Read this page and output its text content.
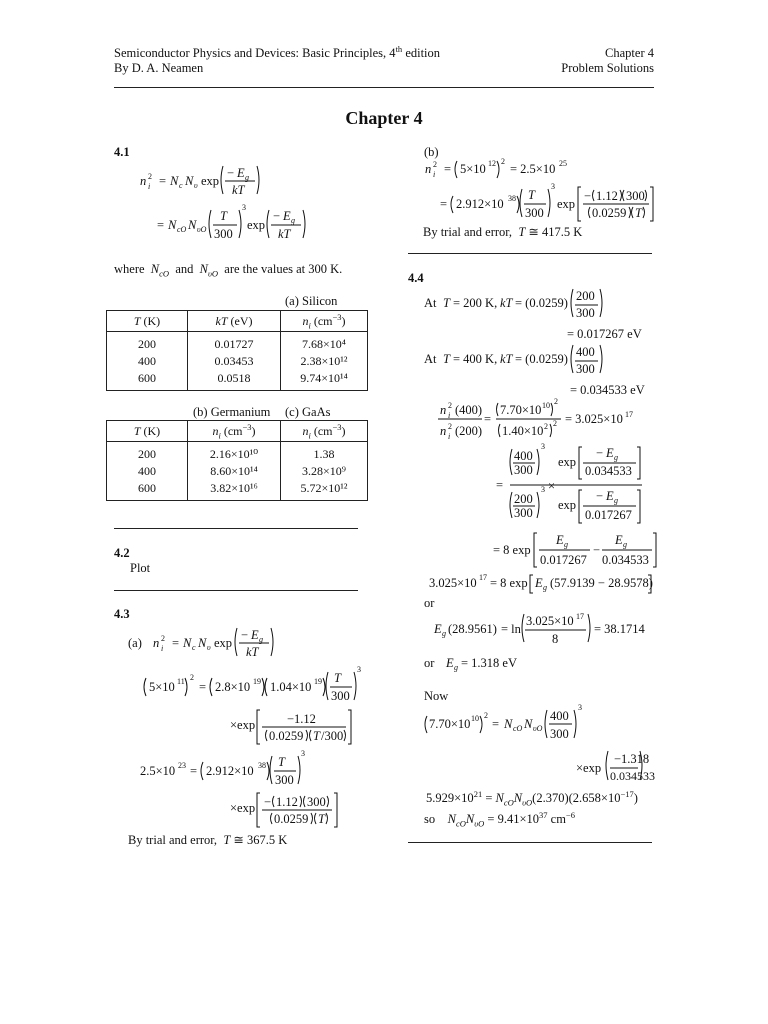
Semiconductor Physics and Devices: Basic Principles, 4th edition
By D. A. Neamen
Chapter 4
Problem Solutions
Chapter 4
4.1
n i
2 = N c N υ exp
− E g
kT
= N cO N υO
T
300
3
exp
− E g
kT
where  $N_{cO}$  and  $N_{\upsilon O}$  are the values at 300 K.
(a) Silicon
T (K)	kT (eV)	$n_i$ $(cm^{-3})$
200	0.01727	7.68×10⁴
400	0.03453	2.38×10¹²
600	0.0518	9.74×10¹⁴
(b) Germanium (c) GaAs
T (K)	$n_i$ $(cm^{-3})$	$n_i$ $(cm^{-3})$
200	2.16×10¹⁰	1.38
400	8.60×10¹⁴	3.28×10⁹
600	3.82×10¹⁶	5.72×10¹²
4.2
Plot
4.3
(a) n i
2 = N c N υ exp
− E g
kT
5×10 11 2
= 2.8×10 19 1.04×10 19 T
300
3
×exp	−1.12
0.0259 T /300
2.5×10 23 = 2.912×10 38 T
300
3
×exp − 1.12 300
0.0259 T
By trial and error,  T ≅ 367.5 K
(b)
n i
2 = 5×10 12 2
= 2.5×10 25
= 2.912×10 38 T
300
3
exp
− 1.12 300
0.0259 T
By trial and error,  T ≅ 417.5 K
4.4
At T = 200 K, kT = (0.0259) 200
300
= 0.017267 eV
At T = 400 K, kT = (0.0259) 400
300
= 0.034533 eV
n i
2 (400)
n i
2 (200)
=
7.70×10 10 2
1.40×10 2 2 = 3.025×10 17
=
400
300
3
exp
− E g
0.034533
×
200
300
3
exp
− E g
0.017267
= 8 exp
E g
0.017267
−
E g
0.034533
3.025×10 17 = 8 exp E g (57.9139 − 28.9578)
or
E g (28.9561) = ln
3.025×10 17
8
= 38.1714
or E g = 1.318 eV
Now
7.70×10 10 2
= N cO N υO
400
300
3
×exp
−1.318
0.034533
$5.929\times 10^{21} = N_{cO}N_{\upsilon O}(2.370)(2.658\times 10^{-17})$
so    $N_{cO}N_{\upsilon O} = 9.41\times 10^{37}$ $cm^{-6}$
